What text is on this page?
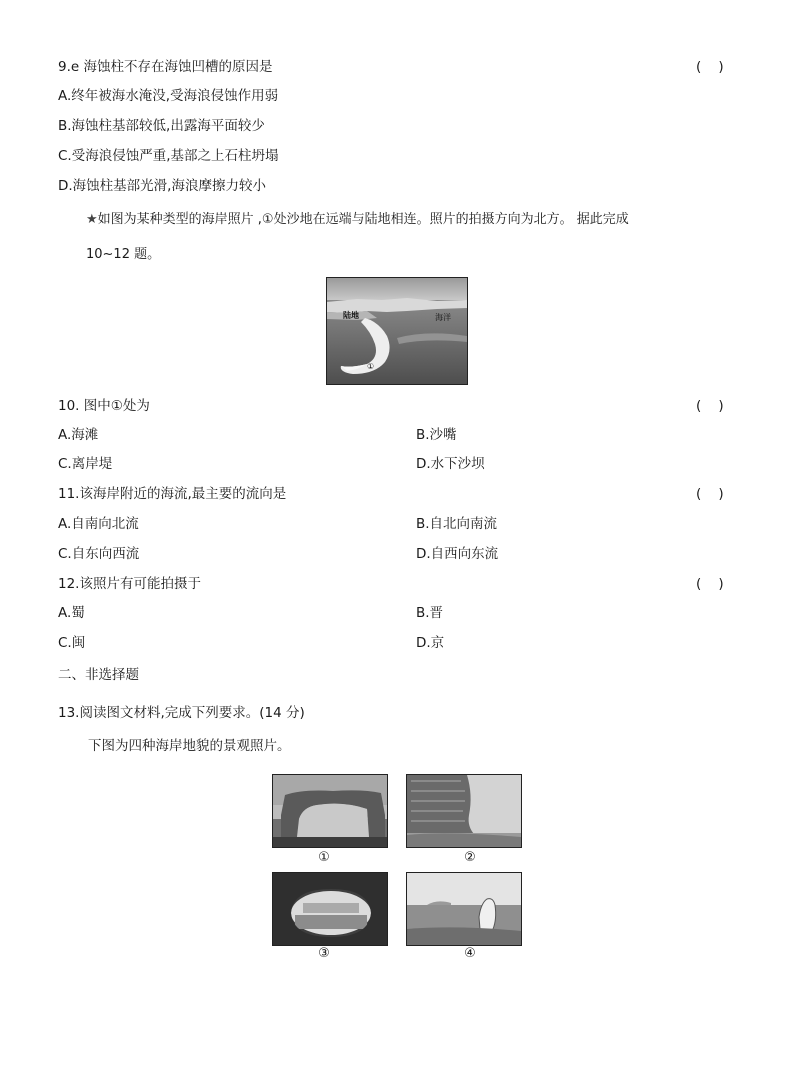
9.e 海蚀柱不存在海蚀凹槽的原因是	(    )
A.终年被海水淹没,受海浪侵蚀作用弱
B.海蚀柱基部较低,出露海平面较少
C.受海浪侵蚀严重,基部之上石柱坍塌
D.海蚀柱基部光滑,海浪摩擦力较小
★如图为某种类型的海岸照片 ,①处沙地在远端与陆地相连。照片的拍摄方向为北方。 据此完成
10~12 题。
陆地	海洋
①
10. 图中①处为	(    )
A.海滩	B.沙嘴
C.离岸堤	D.水下沙坝
11.该海岸附近的海流,最主要的流向是	(    )
A.自南向北流	B.自北向南流
C.自东向西流	D.自西向东流
12.该照片有可能拍摄于	(    )
A.蜀	B.晋
C.闽	D.京
二、非选择题
13.阅读图文材料,完成下列要求。(14 分)
下图为四种海岸地貌的景观照片。
①	②
③	④
